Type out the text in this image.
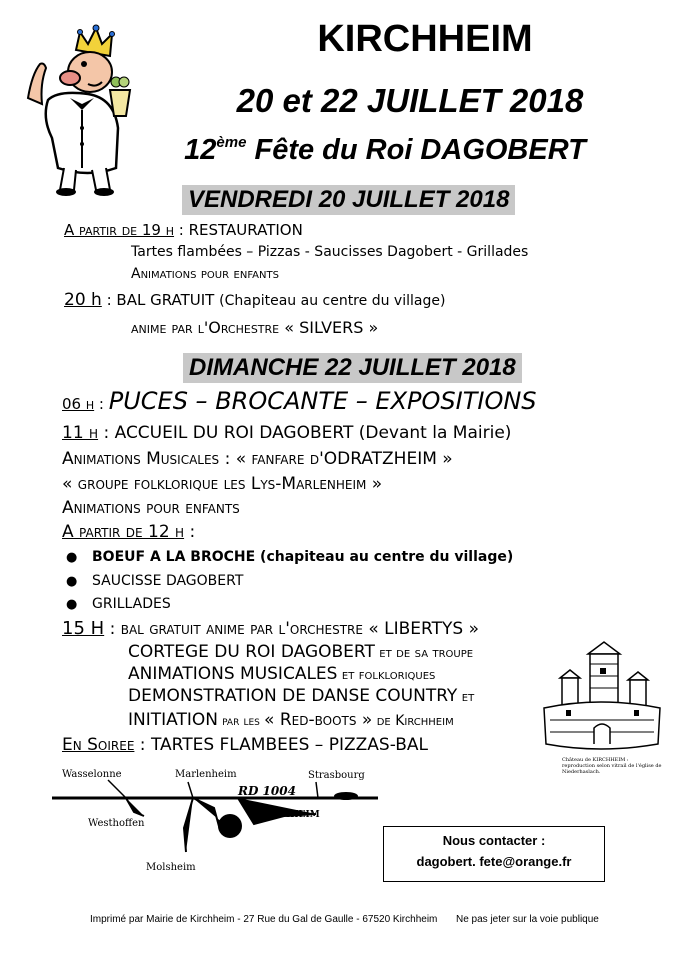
KIRCHHEIM
20 et 22 JUILLET 2018
12ème Fête du Roi DAGOBERT
VENDREDI 20 JUILLET 2018
A partir de 19 h : RESTAURATION
Tartes flambées – Pizzas - Saucisses Dagobert - Grillades
Animations pour enfants
20 h : BAL GRATUIT (Chapiteau au centre du village)
anime par l'Orchestre « SILVERS »
DIMANCHE 22 JUILLET 2018
06 h : PUCES – BROCANTE – EXPOSITIONS
11 h : ACCUEIL DU ROI DAGOBERT (Devant la Mairie)
Animations Musicales : « fanfare d'ODRATZHEIM »
« groupe folklorique les Lys-Marlenheim »
Animations pour enfants
A partir de 12 h :
● BOEUF A LA BROCHE (chapiteau au centre du village)
● SAUCISSE DAGOBERT
● GRILLADES
15 H : bal gratuit anime par l'orchestre « LIBERTYS »
CORTEGE DU ROI DAGOBERT et de sa troupe
ANIMATIONS MUSICALES et folkloriques
DEMONSTRATION DE DANSE COUNTRY et
INITIATION par les « Red-boots » de Kirchheim
En Soiree : TARTES FLAMBEES – PIZZAS-BAL
Château de KIRCHHEIM : reproduction selon vitrail de l'église de Niederhaslach.
Wasselonne	Marlenheim	Strasbourg
RD 1004
KIRCHHEIM
Westhoffen
Molsheim
Nous contacter :
dagobert. fete@orange.fr
Imprimé par Mairie de Kirchheim - 27 Rue du Gal de Gaulle - 67520 Kirchheim Ne pas jeter sur la voie publique
